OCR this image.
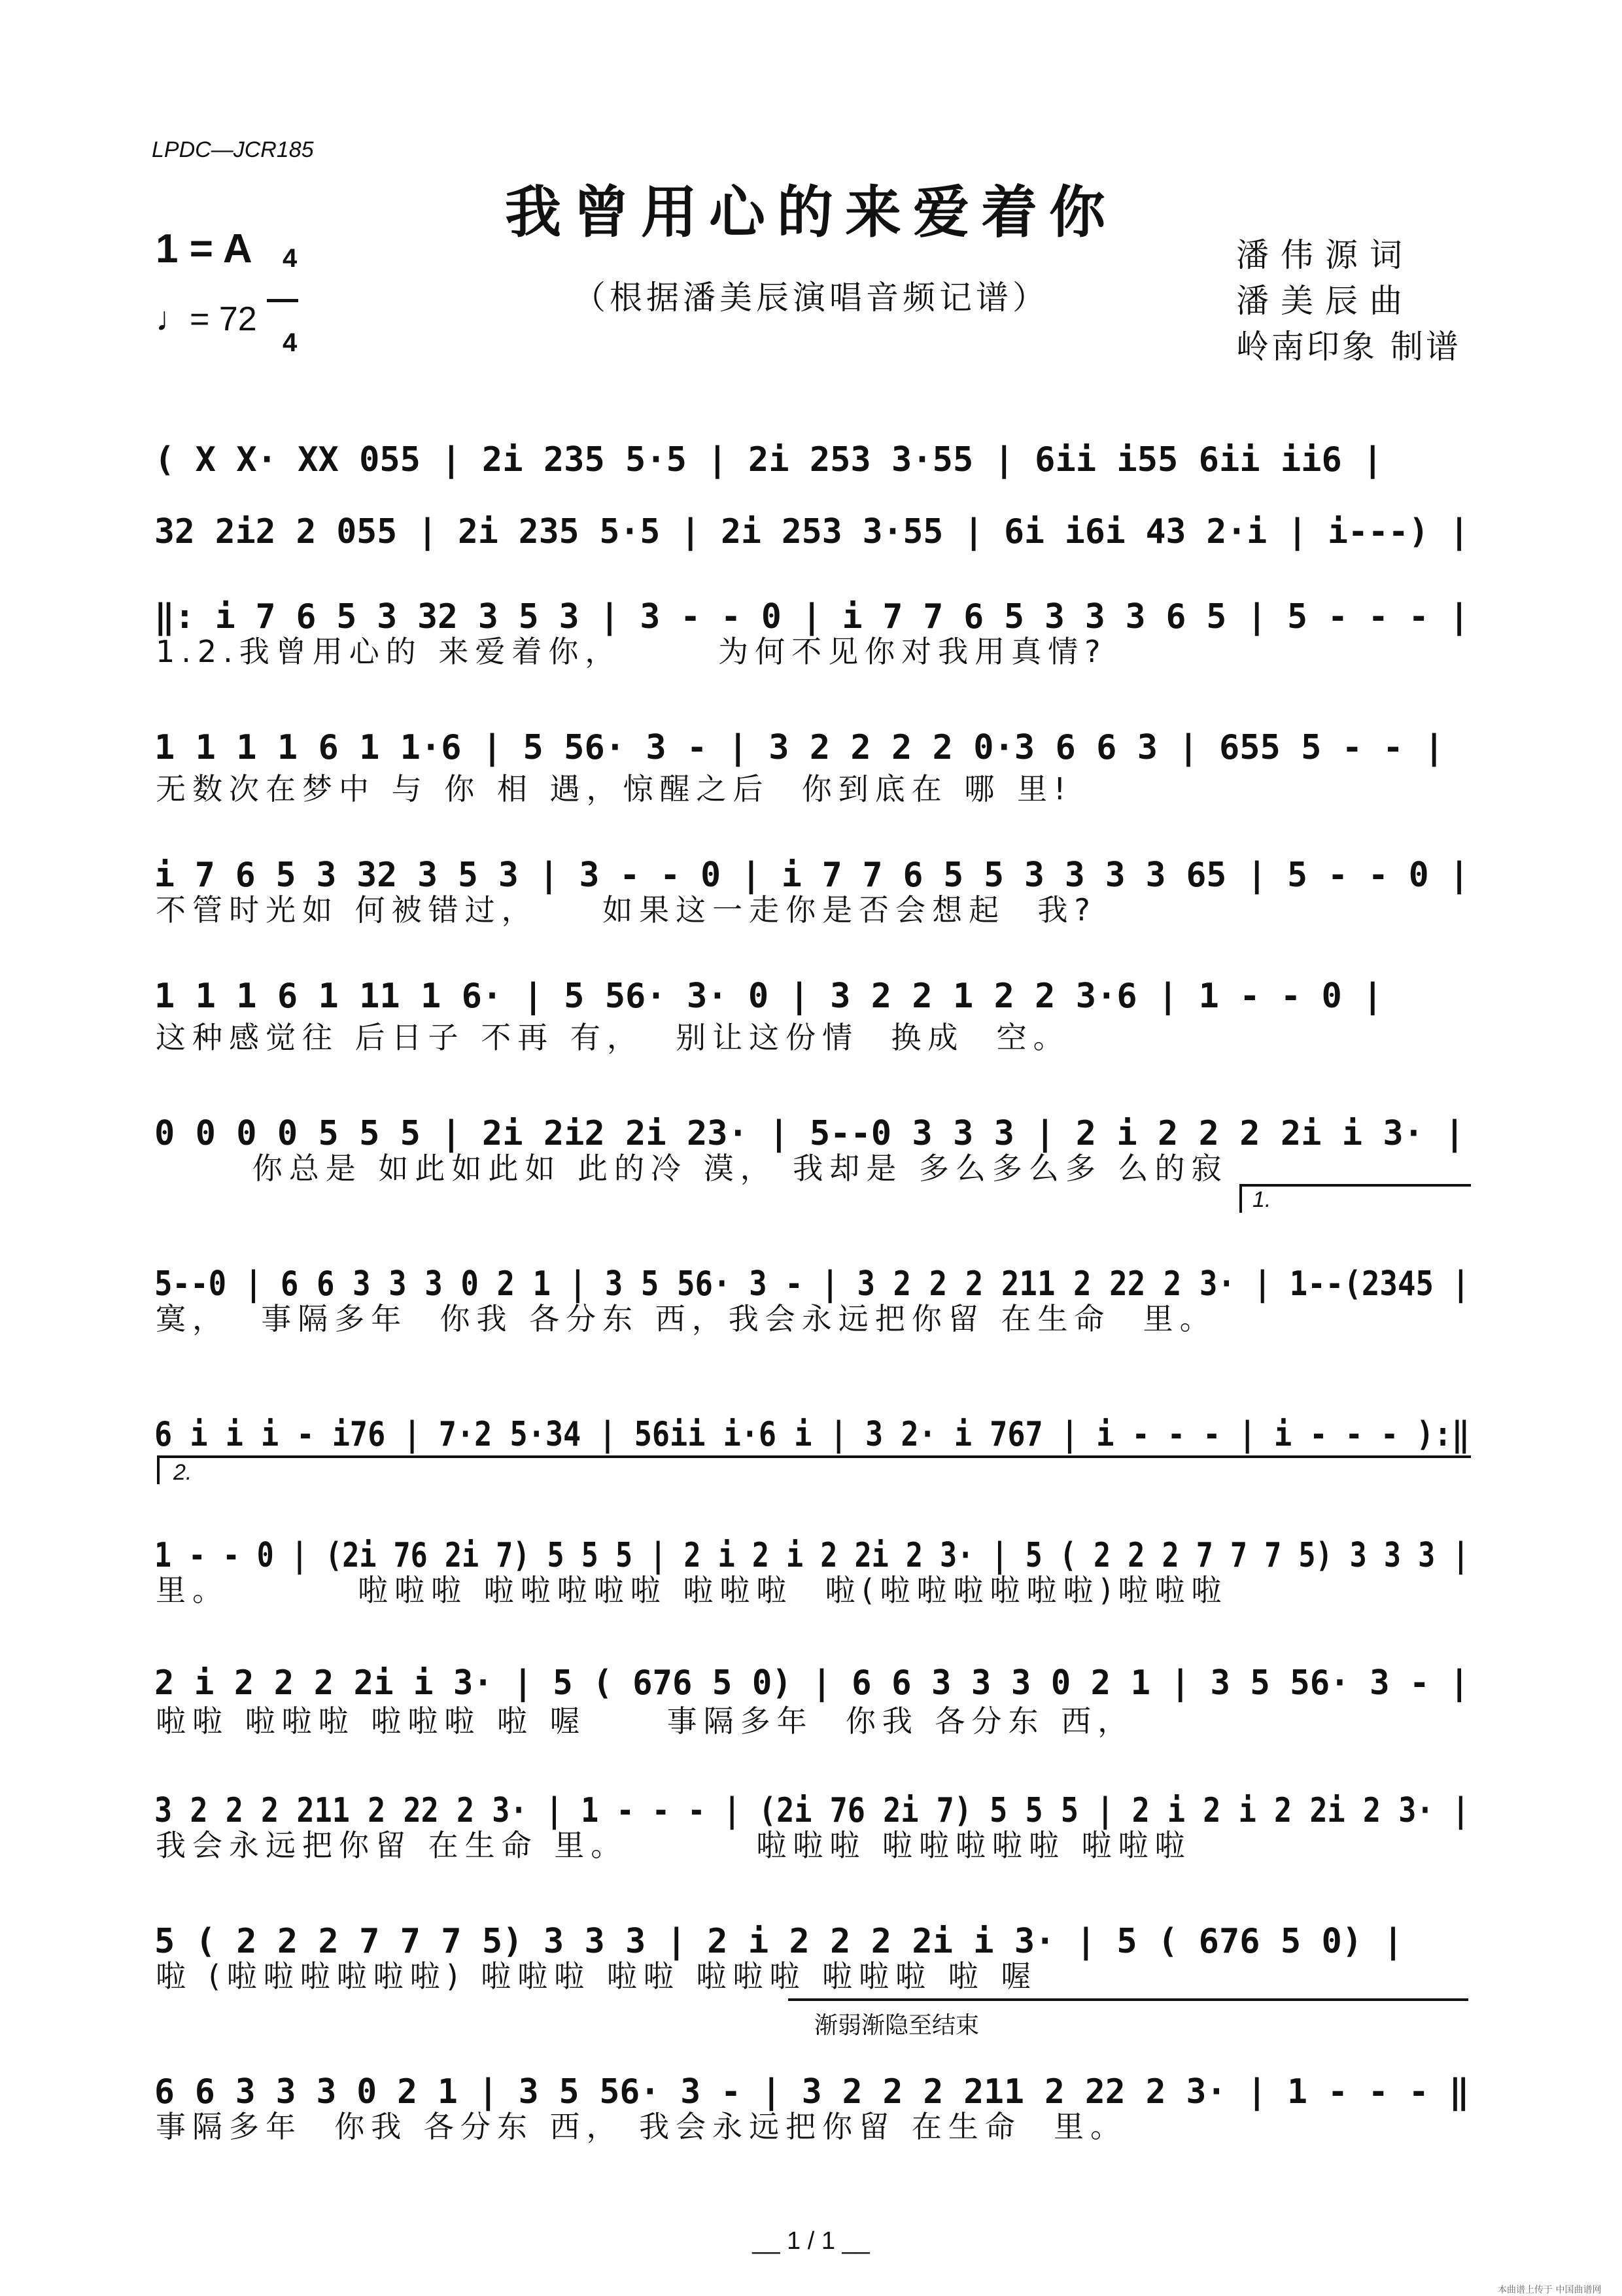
LPDC—JCR185
我曾用心的来爱着你
1 = A	4

4

♩= 72
（根据潘美辰演唱音频记谱）
潘伟源词
潘美辰曲
岭南印象 制谱

( X X· XX 055 | 2i 235 5·5 | 2i 253 3·55 | 6ii i55 6ii ii6 |

32 2i2 2 055 | 2i 235 5·5 | 2i 253 3·55 | 6i i6i 43 2·i | i---) |

‖: i 7 6 5 3 32 3 5 3 | 3 - - 0 | i 7 7 6 5 3 3 3 6 5 | 5 - - - |

1.2.我曾用心的 来爱着你，      为何不见你对我用真情?

1 1 1 1 6 1 1·6 | 5 56· 3 - | 3 2 2 2 2 0·3 6 6 3 | 655 5 - - |

无数次在梦中 与 你 相 遇，惊醒之后  你到底在 哪 里!

i 7 6 5 3 32 3 5 3 | 3 - - 0 | i 7 7 6 5 5 3 3 3 3 65 | 5 - - 0 |

不管时光如 何被错过，    如果这一走你是否会想起  我?

1 1 1 6 1 11 1 6· | 5 56· 3· 0 | 3 2 2 1 2 2 3·6 | 1 - - 0 |

这种感觉往 后日子 不再 有，  别让这份情  换成  空。

0 0 0 0 5 5 5 | 2i 2i2 2i 23· | 5--0 3 3 3 | 2 i 2 2 2 2i i 3· |

你总是 如此如此如 此的冷 漠， 我却是 多么多么多 么的寂

1.

5--0 | 6 6 3 3 3 0 2 1 | 3 5 56· 3 - | 3 2 2 2 211 2 22 2 3· | 1--(2345 |

寞，  事隔多年  你我 各分东 西，我会永远把你留 在生命  里。

6 i i i - i76 | 7·2 5·34 | 56ii i·6 i | 3 2· i 767 | i - - - | i - - - ):‖

2.

1 - - 0 | (2i 76 2i 7) 5 5 5 | 2 i 2 i 2 2i 2 3· | 5 ( 2 2 2 7 7 7 5) 3 3 3 |

里。        啦啦啦 啦啦啦啦啦 啦啦啦  啦(啦啦啦啦啦啦)啦啦啦

2 i 2 2 2 2i i 3· | 5 ( 676 5 0) | 6 6 3 3 3 0 2 1 | 3 5 56· 3 - |

啦啦 啦啦啦 啦啦啦 啦 喔     事隔多年  你我 各分东 西，

3 2 2 2 211 2 22 2 3· | 1 - - - | (2i 76 2i 7) 5 5 5 | 2 i 2 i 2 2i 2 3· |

我会永远把你留 在生命 里。        啦啦啦 啦啦啦啦啦 啦啦啦

5 ( 2 2 2 7 7 7 5) 3 3 3 | 2 i 2 2 2 2i i 3· | 5 ( 676 5 0) |

啦 (啦啦啦啦啦啦) 啦啦啦 啦啦 啦啦啦 啦啦啦 啦 喔

渐弱渐隐至结束

6 6 3 3 3 0 2 1 | 3 5 56· 3 - | 3 2 2 2 211 2 22 2 3· | 1 - - - ‖

事隔多年  你我 各分东 西， 我会永远把你留 在生命  里。

__ 1 / 1 __
本曲谱上传于 中国曲谱网
